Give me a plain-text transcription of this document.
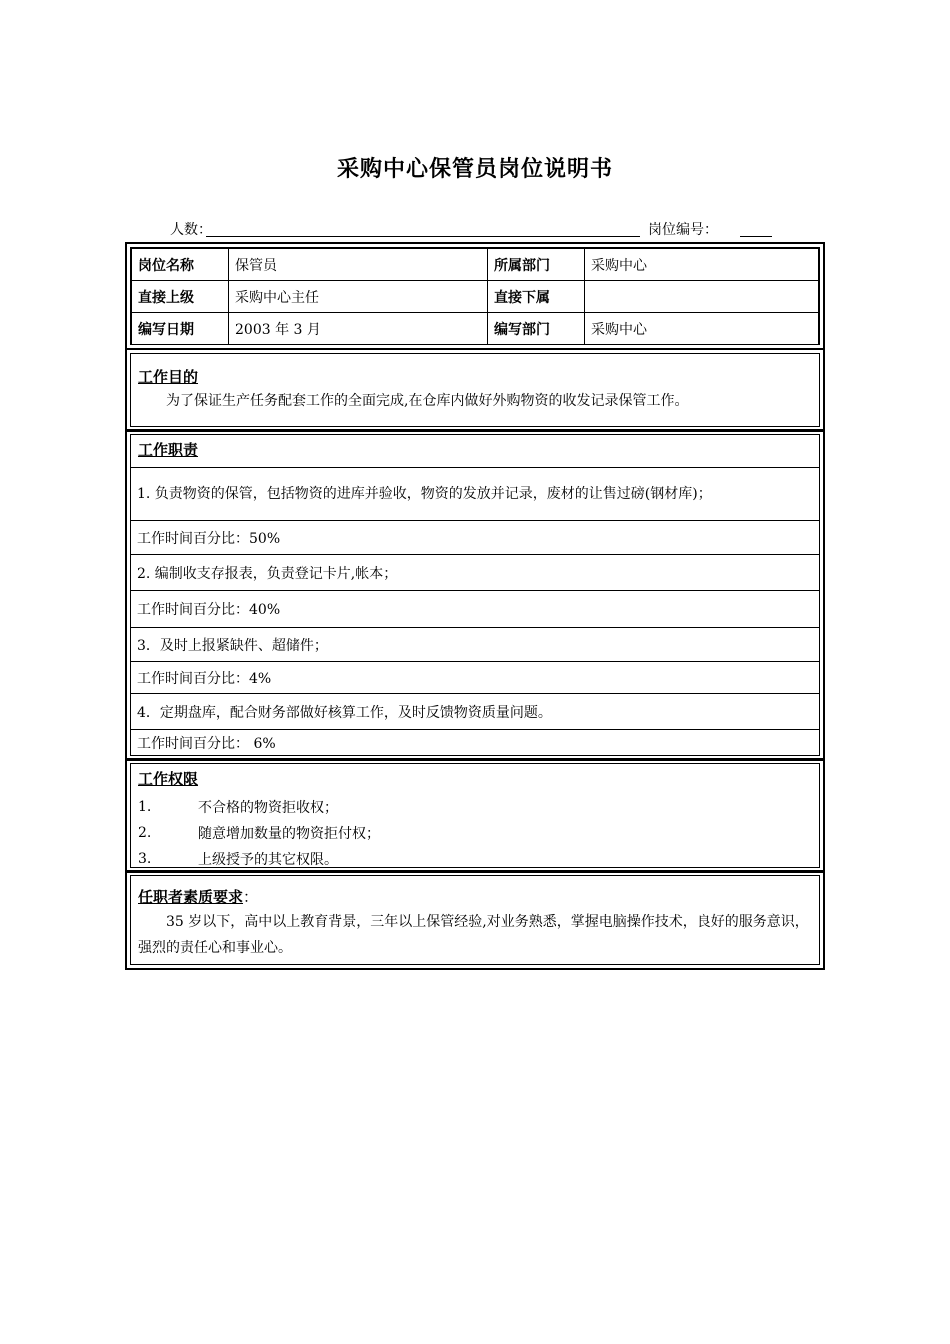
采购中心保管员岗位说明书
人数：	岗位编号：
岗位名称	保管员	所属部门	采购中心
直接上级	采购中心主任	直接下属	
编写日期	2003 年 3 月	编写部门	采购中心
工作目的
为了保证生产任务配套工作的全面完成,在仓库内做好外购物资的收发记录保管工作。
工作职责
1. 负责物资的保管，包括物资的进库并验收，物资的发放并记录，废材的让售过磅(钢材库)；
工作时间百分比：50%
2. 编制收支存报表，负责登记卡片,帐本；
工作时间百分比：40%
3．及时上报紧缺件、超储件；
工作时间百分比：4%
4．定期盘库，配合财务部做好核算工作，及时反馈物资质量问题。
工作时间百分比： 6%
工作权限
1.	不合格的物资拒收权；
2.	随意增加数量的物资拒付权；
3.	上级授予的其它权限。
任职者素质要求：
35 岁以下，高中以上教育背景，三年以上保管经验,对业务熟悉，掌握电脑操作技术，良好的服务意识，强烈的责任心和事业心。
